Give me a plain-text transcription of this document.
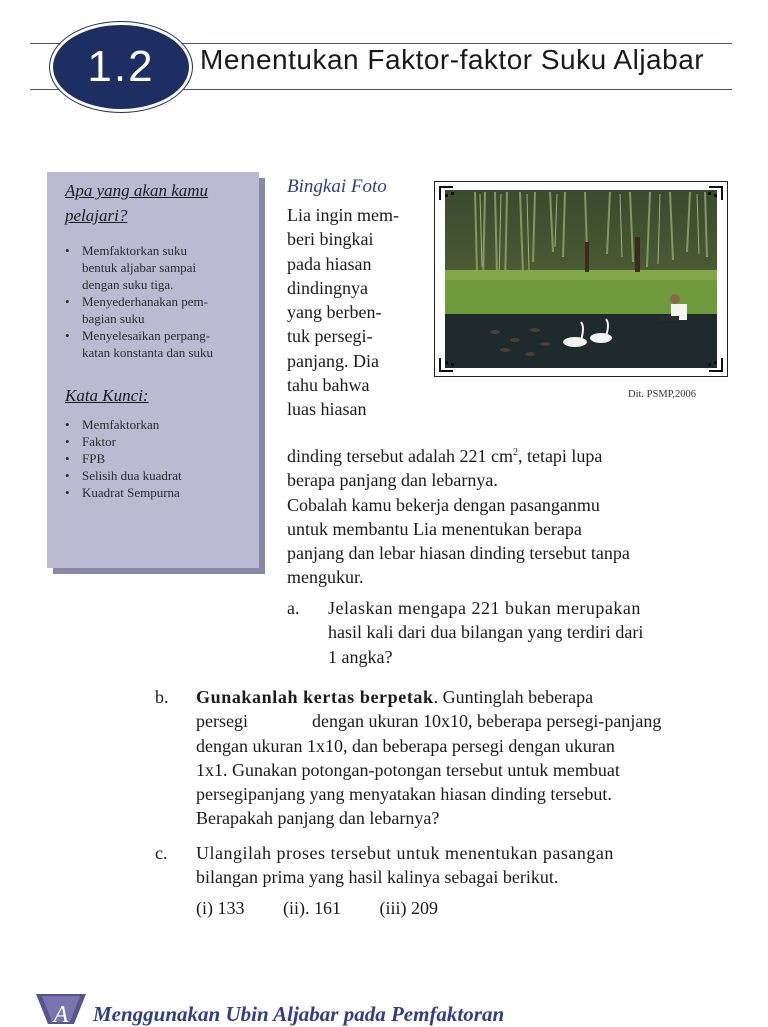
1.2	Menentukan Faktor-faktor Suku Aljabar
Apa yang akan kamu
pelajari?
• Memfaktorkan suku
bentuk aljabar sampai
dengan suku tiga.
• Menyederhanakan pem-
bagian suku
• Menyelesaikan perpang-
katan konstanta dan suku
Kata Kunci:
• Memfaktorkan
• Faktor
• FPB
• Selisih dua kuadrat
• Kuadrat Sempurna
Bingkai Foto
Lia ingin mem-
beri bingkai
pada hiasan
dindingnya
yang berben-
tuk persegi-
panjang. Dia
tahu bahwa
luas hiasan
Dit. PSMP,2006
dinding tersebut adalah 221 $cm^2$, tetapi lupa
berapa panjang dan lebarnya.
Cobalah kamu bekerja dengan pasanganmu
untuk membantu Lia menentukan berapa
panjang dan lebar hiasan dinding tersebut tanpa
mengukur.
a. Jelaskan mengapa 221 bukan merupakan
hasil kali dari dua bilangan yang terdiri dari
1 angka?
b. Gunakanlah kertas berpetak. Guntinglah beberapa
persegi	dengan ukuran 10x10, beberapa persegi-panjang
dengan ukuran 1x10, dan beberapa persegi dengan ukuran
1x1. Gunakan potongan-potongan tersebut untuk membuat
persegipanjang yang menyatakan hiasan dinding tersebut.
Berapakah panjang dan lebarnya?
c. Ulangilah proses tersebut untuk menentukan pasangan
bilangan prima yang hasil kalinya sebagai berikut.
(i) 133 (ii). 161 (iii) 209
A Menggunakan Ubin Aljabar pada Pemfaktoran
